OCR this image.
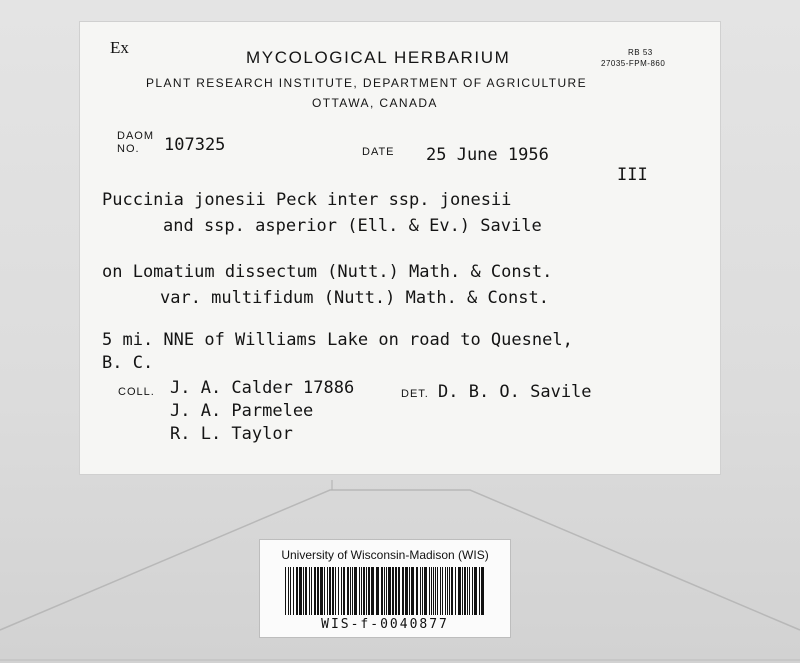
Ex
MYCOLOGICAL HERBARIUM	RB 53
27035-FPM-860
PLANT RESEARCH INSTITUTE, DEPARTMENT OF AGRICULTURE
OTTAWA, CANADA
DAOM
NO. 107325	DATE 25 June 1956
III
Puccinia jonesii Peck inter ssp. jonesii
and ssp. asperior (Ell. & Ev.) Savile
on Lomatium dissectum (Nutt.) Math. & Const.
var. multifidum (Nutt.) Math. & Const.
5 mi. NNE of Williams Lake on road to Quesnel,
B. C.
COLL. J. A. Calder 17886	DET. D. B. O. Savile
J. A. Parmelee
R. L. Taylor
University of Wisconsin-Madison (WIS)
WIS-f-0040877
